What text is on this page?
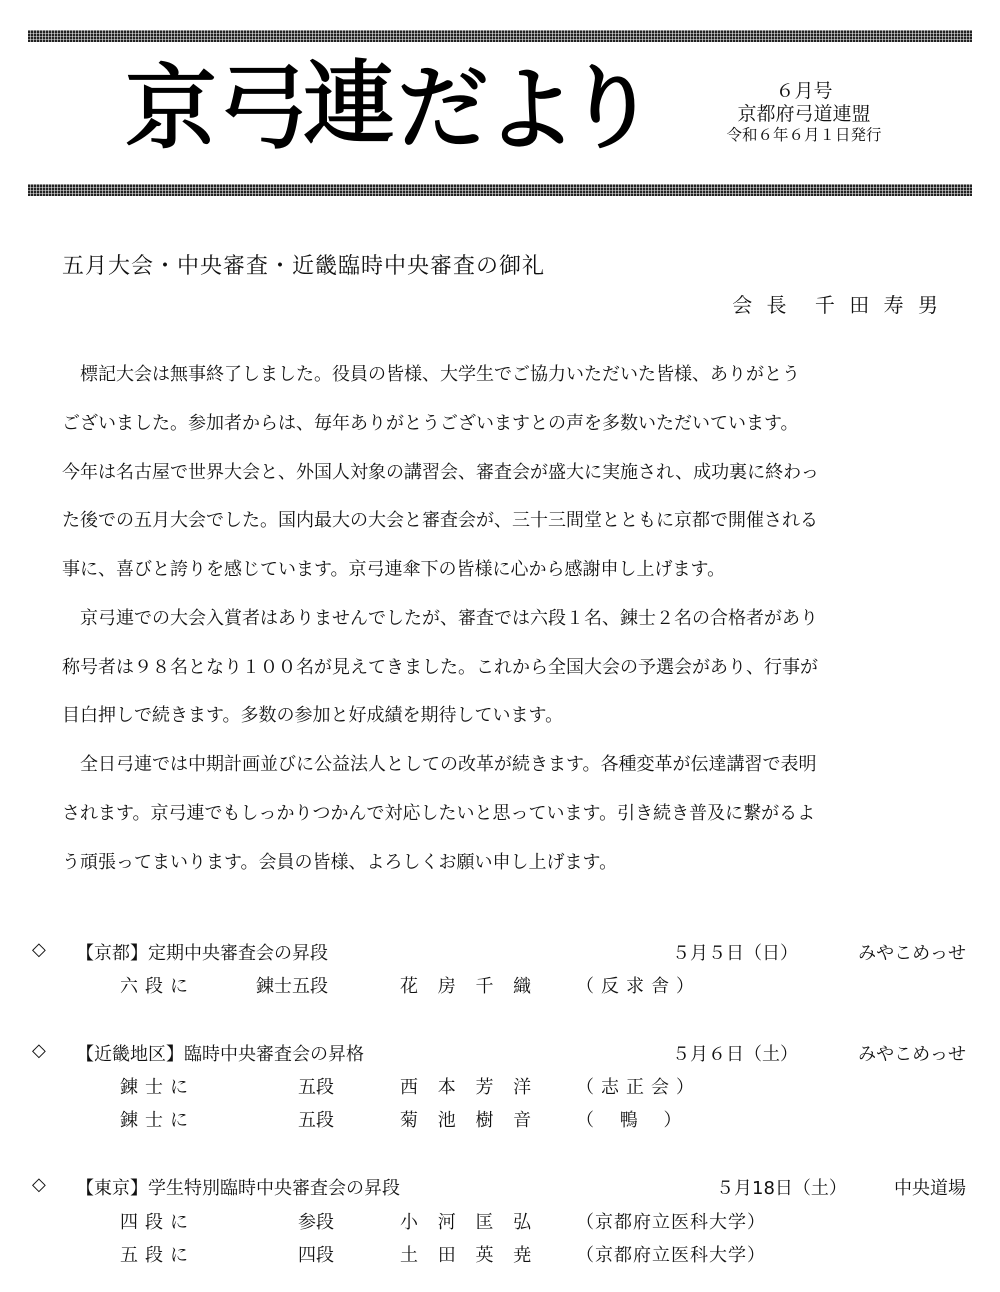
京 弓
連 だ
よ
り	６月号
京都府弓道連盟
令和６年６月１日発行
五月大会・中央審査・近畿臨時中央審査の御礼
会 長 千 田 寿 男
　標記大会は無事終了しました。役員の皆様、大学生でご協力いただいた皆様、ありがとう
ございました。参加者からは、毎年ありがとうございますとの声を多数いただいています。
今年は名古屋で世界大会と、外国人対象の講習会、審査会が盛大に実施され、成功裏に終わっ
た後での五月大会でした。国内最大の大会と審査会が、三十三間堂とともに京都で開催される
事に、喜びと誇りを感じています。京弓連傘下の皆様に心から感謝申し上げます。
　京弓連での大会入賞者はありませんでしたが、審査では六段１名、錬士２名の合格者があり
称号者は９８名となり１００名が見えてきました。これから全国大会の予選会があり、行事が
目白押しで続きます。多数の参加と好成績を期待しています。
　全日弓連では中期計画並びに公益法人としての改革が続きます。各種変革が伝達講習で表明
されます。京弓連でもしっかりつかんで対応したいと思っています。引き続き普及に繋がるよ
う頑張ってまいります。会員の皆様、よろしくお願い申し上げます。
◇ 【京都】定期中央審査会の昇段	５月５日（日）	みやこめっせ
六段に	錬士五段	花 房 千 織 （反求舎）
◇ 【近畿地区】臨時中央審査会の昇格	５月６日（土）	みやこめっせ
錬士に	五段	西 本 芳 洋 （志正会）
錬士に	五段	菊 池 樹 音 （ 鴨 ）
◇ 【東京】学生特別臨時中央審査会の昇段	５月18日（土）	中央道場
四段に	参段	小 河 匡 弘 （京都府立医科大学）
五段に	四段	土 田 英 尭 （京都府立医科大学）
